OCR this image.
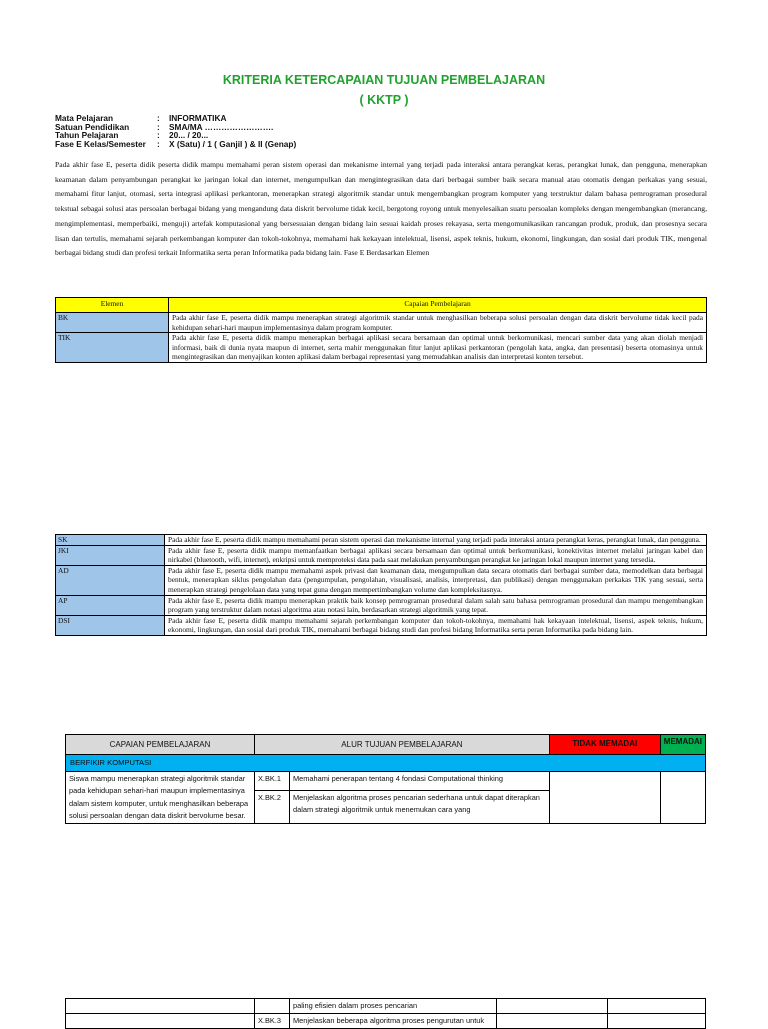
KRITERIA KETERCAPAIAN TUJUAN PEMBELAJARAN
( KKTP )
Mata Pelajaran	:	INFORMATIKA
Satuan Pendidikan	:	SMA/MA …………………….
Tahun Pelajaran	:	20... / 20...
Fase E Kelas/Semester	:	X (Satu) / 1 ( Ganjil ) & II (Genap)
Pada akhir fase E, peserta didik peserta didik mampu memahami peran sistem operasi dan mekanisme internal yang terjadi pada interaksi antara perangkat keras, perangkat lunak, dan pengguna, menerapkan keamanan dalam penyambungan perangkat ke jaringan lokal dan internet, mengumpulkan dan mengintegrasikan data dari berbagai sumber baik secara manual atau otomatis dengan perkakas yang sesuai, memahami fitur lanjut, otomasi, serta integrasi aplikasi perkantoran, menerapkan strategi algoritmik standar untuk mengembangkan program komputer yang terstruktur dalam bahasa pemrograman prosedural tekstual sebagai solusi atas persoalan berbagai bidang yang mengandung data diskrit bervolume tidak kecil, bergotong royong untuk menyelesaikan suatu persoalan kompleks dengan mengembangkan (merancang, mengimplementasi, memperbaiki, menguji) artefak komputasional yang bersesuaian dengan bidang lain sesuai kaidah proses rekayasa, serta mengomunikasikan rancangan produk, produk, dan prosesnya secara lisan dan tertulis, memahami sejarah perkembangan komputer dan tokoh-tokohnya, memahami hak kekayaan intelektual, lisensi, aspek teknis, hukum, ekonomi, lingkungan, dan sosial dari produk TIK, mengenal berbagai bidang studi dan profesi terkait Informatika serta peran Informatika pada bidang lain. Fase E Berdasarkan Elemen
Elemen	Capaian Pembelajaran
BK	Pada akhir fase E, peserta didik mampu menerapkan strategi algoritmik standar untuk menghasilkan beberapa solusi persoalan dengan data diskrit bervolume tidak kecil pada kehidupan sehari-hari maupun implementasinya dalam program komputer.
TIK	Pada akhir fase E, peserta didik mampu menerapkan berbagai aplikasi secara bersamaan dan optimal untuk berkomunikasi, mencari sumber data yang akan diolah menjadi informasi, baik di dunia nyata maupun di internet, serta mahir menggunakan fitur lanjut aplikasi perkantoran (pengolah kata, angka, dan presentasi) beserta otomasinya untuk mengintegrasikan dan menyajikan konten aplikasi dalam berbagai representasi yang memudahkan analisis dan interpretasi konten tersebut.
SK	Pada akhir fase E, peserta didik mampu memahami peran sistem operasi dan mekanisme internal yang terjadi pada interaksi antara perangkat keras, perangkat lunak, dan pengguna.
JKI	Pada akhir fase E, peserta didik mampu memanfaatkan berbagai aplikasi secara bersamaan dan optimal untuk berkomunikasi, konektivitas internet melalui jaringan kabel dan nirkabel (bluetooth, wifi, internet), enkripsi untuk memproteksi data pada saat melakukan penyambungan perangkat ke jaringan lokal maupun internet yang tersedia.
AD	Pada akhir fase E, peserta didik mampu memahami aspek privasi dan keamanan data, mengumpulkan data secara otomatis dari berbagai sumber data, memodelkan data berbagai bentuk, menerapkan siklus pengolahan data (pengumpulan, pengolahan, visualisasi, analisis, interpretasi, dan publikasi) dengan menggunakan perkakas TIK yang sesuai, serta menerapkan strategi pengelolaan data yang tepat guna dengan mempertimbangkan volume dan kompleksitasnya.
AP	Pada akhir fase E, peserta didik mampu menerapkan praktik baik konsep pemrograman prosedural dalam salah satu bahasa pemrograman prosedural dan mampu mengembangkan program yang terstruktur dalam notasi algoritma atau notasi lain, berdasarkan strategi algoritmik yang tepat.
DSI	Pada akhir fase E, peserta didik mampu memahami sejarah perkembangan komputer dan tokoh-tokohnya, memahami hak kekayaan intelektual, lisensi, aspek teknis, hukum, ekonomi, lingkungan, dan sosial dari produk TIK, memahami berbagai bidang studi dan profesi bidang Informatika serta peran Informatika pada bidang lain.
CAPAIAN PEMBELAJARAN	ALUR TUJUAN PEMBELAJARAN		TIDAK MEMADAI	MEMADAI
BERFIKIR KOMPUTASI				
Siswa mampu menerapkan strategi algoritmik standar pada kehidupan sehari-hari maupun implementasinya dalam sistem komputer, untuk menghasilkan beberapa solusi persoalan dengan data diskrit bervolume besar.	X.BK.1	Memahami penerapan tentang 4 fondasi Computational thinking		
	X.BK.2	Menjelaskan algoritma proses pencarian sederhana untuk dapat diterapkan dalam strategi algoritmik untuk menemukan cara yang		
		paling efisien dalam proses pencarian		
	X.BK.3	Menjelaskan beberapa algoritma proses pengurutan untuk		
